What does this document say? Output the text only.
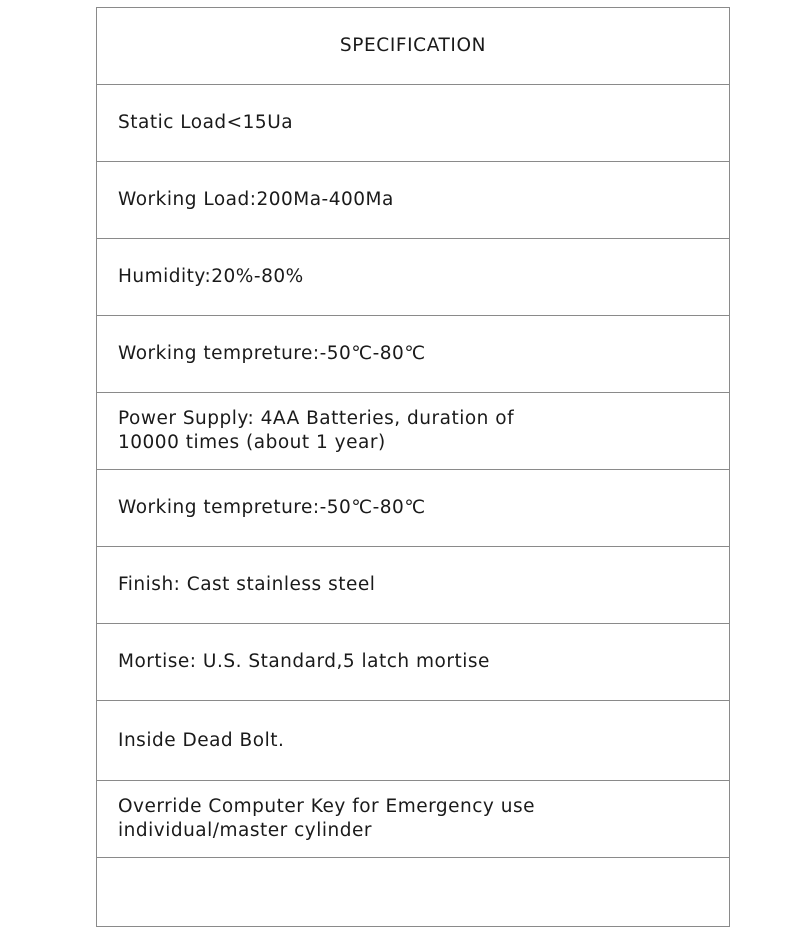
SPECIFICATION
Static Load<15Ua
Working Load:200Ma-400Ma
Humidity:20%-80%
Working tempreture:-50℃-80℃
Power Supply: 4AA Batteries, duration of 10000 times (about 1 year)
Working tempreture:-50℃-80℃
Finish: Cast stainless steel
Mortise: U.S. Standard,5 latch mortise
Inside Dead Bolt.
Override Computer Key for Emergency use individual/master cylinder
